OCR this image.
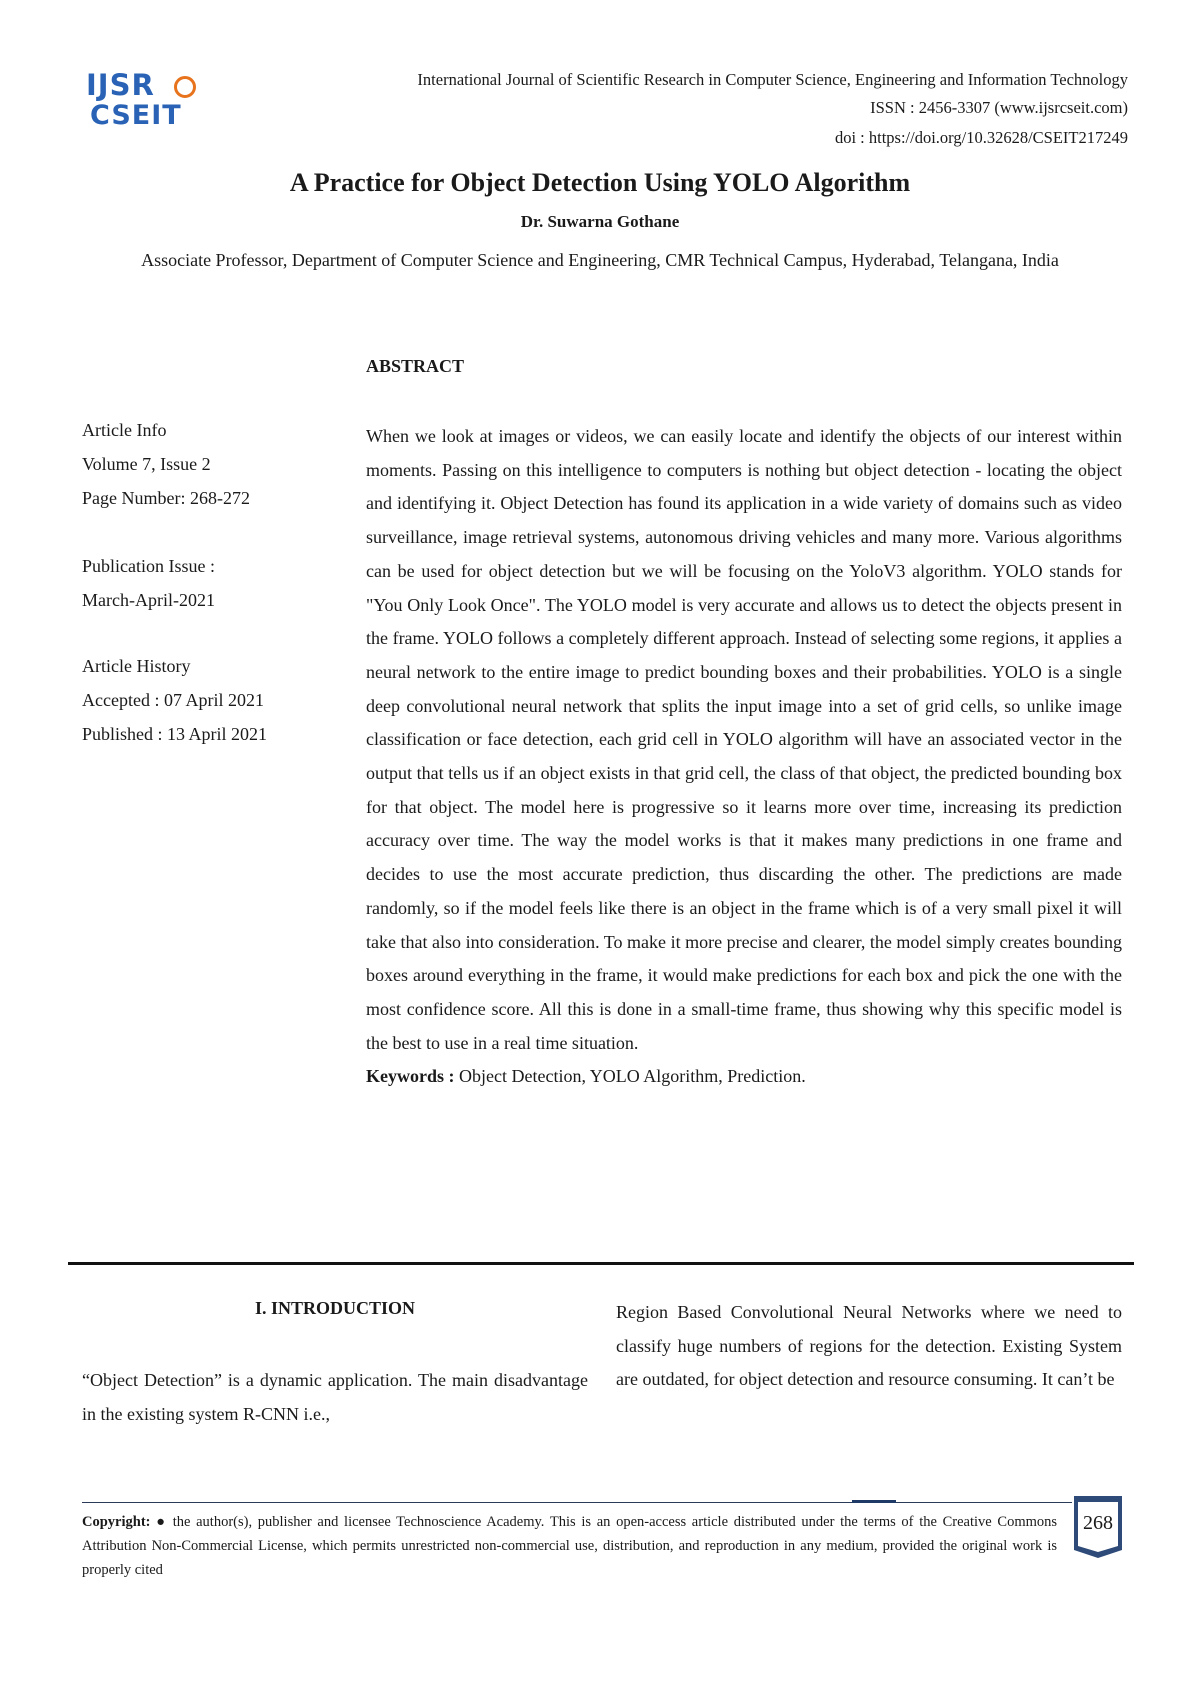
IJSR
CSEIT
International Journal of Scientific Research in Computer Science, Engineering and Information Technology
ISSN : 2456-3307 (www.ijsrcseit.com)
doi : https://doi.org/10.32628/CSEIT217249
A Practice for Object Detection Using YOLO Algorithm
Dr. Suwarna Gothane
Associate Professor, Department of Computer Science and Engineering, CMR Technical Campus, Hyderabad, Telangana, India
ABSTRACT
Article Info
Volume 7, Issue 2
Page Number: 268-272
Publication Issue :
March-April-2021
Article History
Accepted : 07 April 2021
Published : 13 April 2021

When we look at images or videos, we can easily locate and identify the objects of our interest within moments. Passing on this intelligence to computers is nothing but object detection - locating the object and identifying it. Object Detection has found its application in a wide variety of domains such as video surveillance, image retrieval systems, autonomous driving vehicles and many more. Various algorithms can be used for object detection but we will be focusing on the YoloV3 algorithm. YOLO stands for "You Only Look Once". The YOLO model is very accurate and allows us to detect the objects present in the frame. YOLO follows a completely different approach. Instead of selecting some regions, it applies a neural network to the entire image to predict bounding boxes and their probabilities. YOLO is a single deep convolutional neural network that splits the input image into a set of grid cells, so unlike image classification or face detection, each grid cell in YOLO algorithm will have an associated vector in the output that tells us if an object exists in that grid cell, the class of that object, the predicted bounding box for that object. The model here is progressive so it learns more over time, increasing its prediction accuracy over time. The way the model works is that it makes many predictions in one frame and decides to use the most accurate prediction, thus discarding the other. The predictions are made randomly, so if the model feels like there is an object in the frame which is of a very small pixel it will take that also into consideration. To make it more precise and clearer, the model simply creates bounding boxes around everything in the frame, it would make predictions for each box and pick the one with the most confidence score. All this is done in a small-time frame, thus showing why this specific model is the best to use in a real time situation.

Keywords : Object Detection, YOLO Algorithm, Prediction.

I. INTRODUCTION

“Object Detection” is a dynamic application. The main disadvantage in the existing system R-CNN i.e.,

Region Based Convolutional Neural Networks where we need to classify huge numbers of regions for the detection. Existing System are outdated, for object detection and resource consuming. It can’t be

Copyright: ● the author(s), publisher and licensee Technoscience Academy. This is an open-access article distributed under the terms of the Creative Commons Attribution Non-Commercial License, which permits unrestricted non-commercial use, distribution, and reproduction in any medium, provided the original work is properly cited
268
